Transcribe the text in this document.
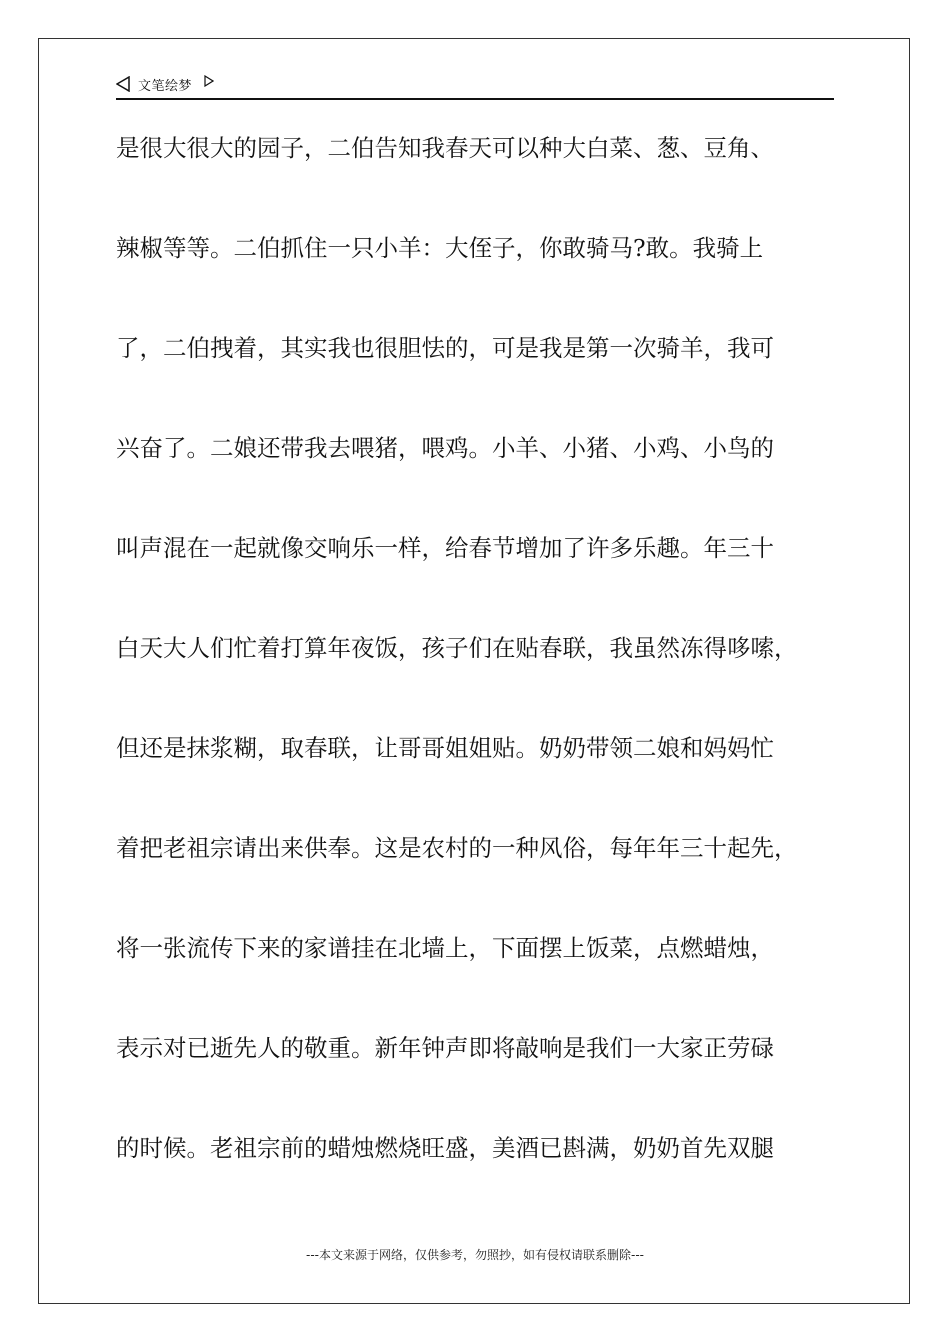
文笔绘梦
是很大很大的园子，二伯告知我春天可以种大白菜、葱、豆角、
辣椒等等。二伯抓住一只小羊：大侄子，你敢骑马?敢。我骑上
了，二伯拽着，其实我也很胆怯的，可是我是第一次骑羊，我可
兴奋了。二娘还带我去喂猪，喂鸡。小羊、小猪、小鸡、小鸟的
叫声混在一起就像交响乐一样，给春节增加了许多乐趣。年三十
白天大人们忙着打算年夜饭，孩子们在贴春联，我虽然冻得哆嗦，
但还是抹浆糊，取春联，让哥哥姐姐贴。奶奶带领二娘和妈妈忙
着把老祖宗请出来供奉。这是农村的一种风俗，每年年三十起先，
将一张流传下来的家谱挂在北墙上，下面摆上饭菜，点燃蜡烛，
表示对已逝先人的敬重。新年钟声即将敲响是我们一大家正劳碌
的时候。老祖宗前的蜡烛燃烧旺盛，美酒已斟满，奶奶首先双腿
---本文来源于网络，仅供参考，勿照抄，如有侵权请联系删除---
